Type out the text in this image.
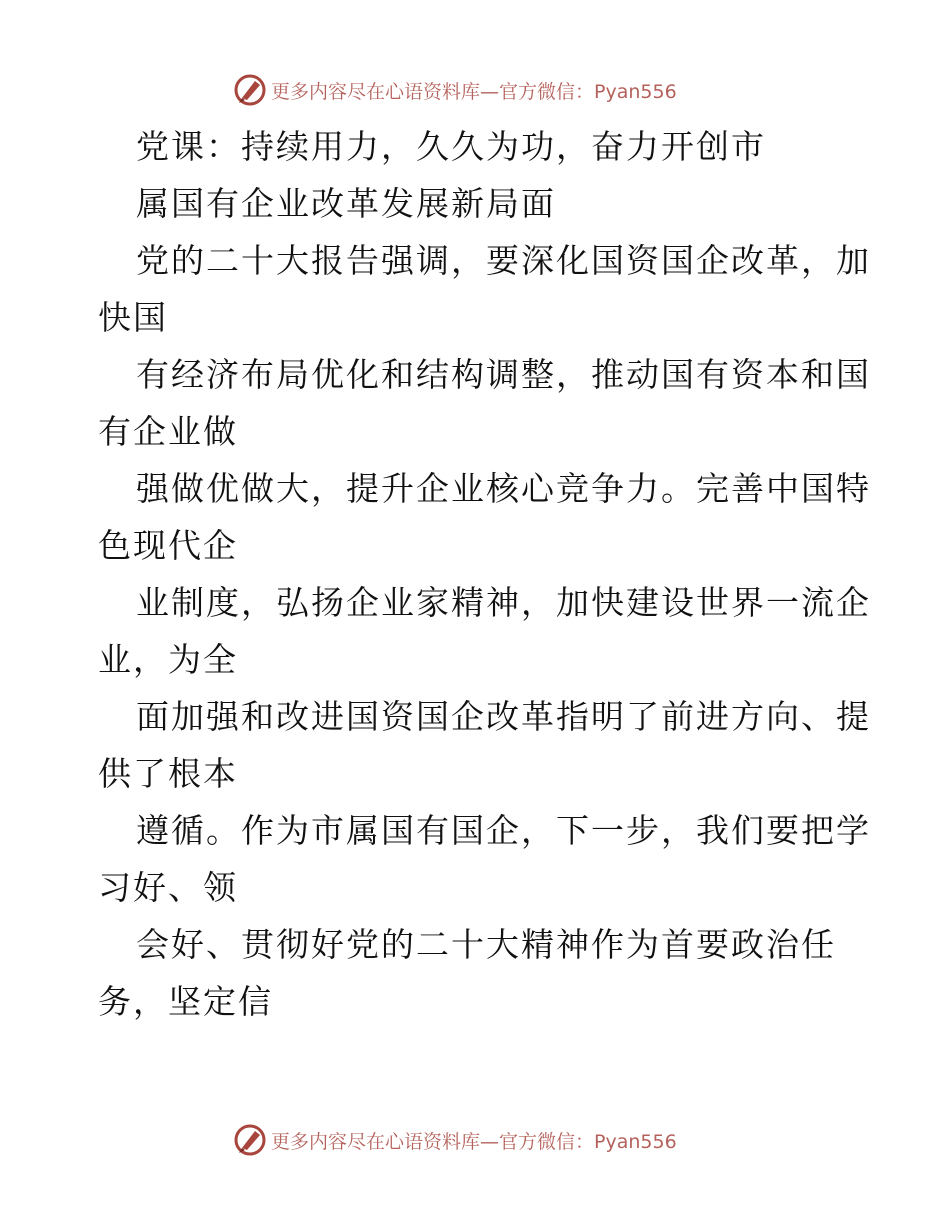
更多内容尽在心语资料库—官方微信：Pyan556
党课：持续用力，久久为功，奋力开创市
属国有企业改革发展新局面
党的二十大报告强调，要深化国资国企改革，加
快国
有经济布局优化和结构调整，推动国有资本和国
有企业做
强做优做大，提升企业核心竞争力。完善中国特
色现代企
业制度，弘扬企业家精神，加快建设世界一流企
业，为全
面加强和改进国资国企改革指明了前进方向、提
供了根本
遵循。作为市属国有国企，下一步，我们要把学
习好、领
会好、贯彻好党的二十大精神作为首要政治任
务，坚定信
更多内容尽在心语资料库—官方微信：Pyan556
